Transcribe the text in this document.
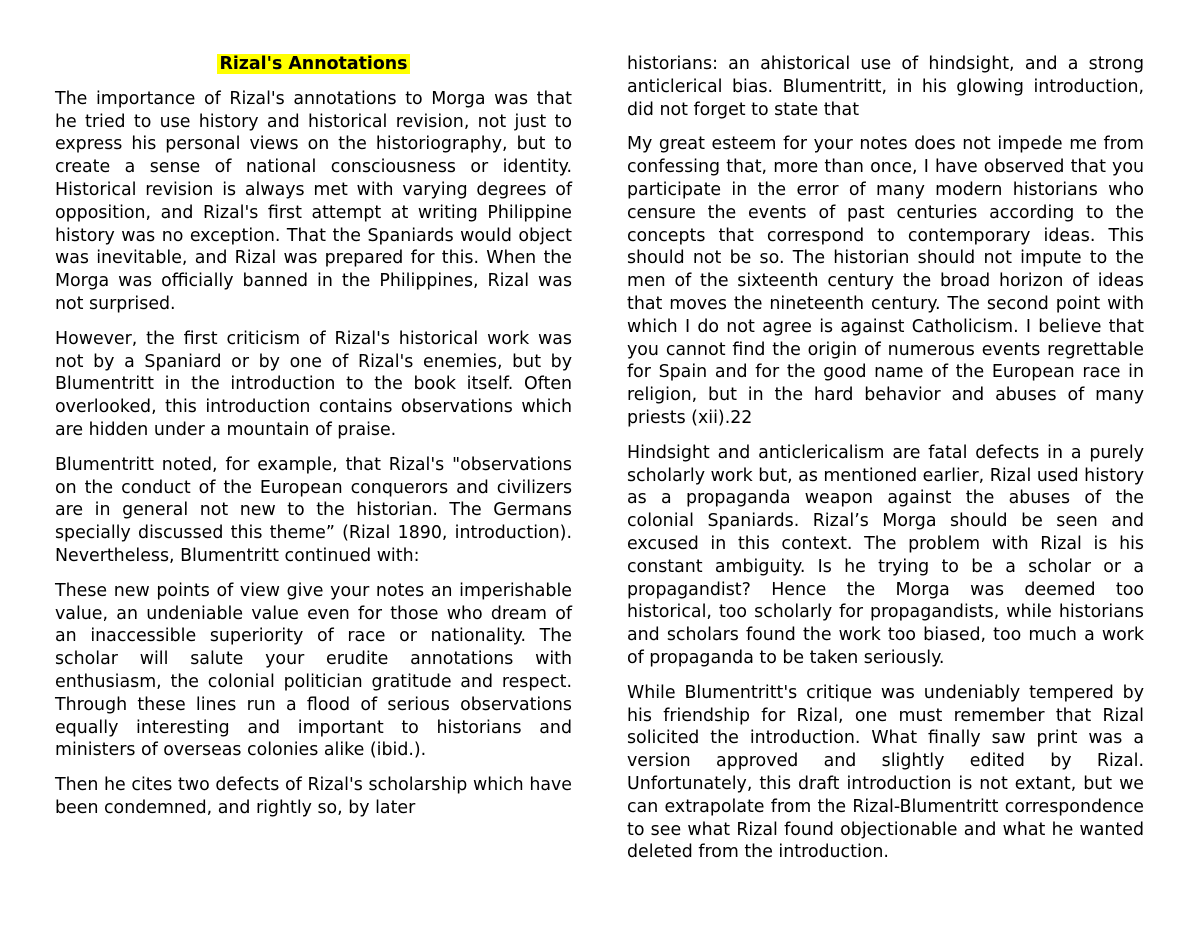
Rizal's Annotations

The importance of Rizal's annotations to Morga was that he tried to use history and historical revision, not just to express his personal views on the historiography, but to create a sense of national consciousness or identity. Historical revision is always met with varying degrees of opposition, and Rizal's first attempt at writing Philippine history was no exception. That the Spaniards would object was inevitable, and Rizal was prepared for this. When the Morga was officially banned in the Philippines, Rizal was not surprised.

However, the first criticism of Rizal's historical work was not by a Spaniard or by one of Rizal's enemies, but by Blumentritt in the introduction to the book itself. Often overlooked, this introduction contains observations which are hidden under a mountain of praise.

Blumentritt noted, for example, that Rizal's "observations on the conduct of the European conquerors and civilizers are in general not new to the historian. The Germans specially discussed this theme” (Rizal 1890, introduction). Nevertheless, Blumentritt continued with:

These new points of view give your notes an imperishable value, an undeniable value even for those who dream of an inaccessible superiority of race or nationality. The scholar will salute your erudite annotations with enthusiasm, the colonial politician gratitude and respect. Through these lines run a flood of serious observations equally interesting and important to historians and ministers of overseas colonies alike (ibid.).

Then he cites two defects of Rizal's scholarship which have been condemned, and rightly so, by later

historians: an ahistorical use of hindsight, and a strong anticlerical bias. Blumentritt, in his glowing introduction, did not forget to state that

My great esteem for your notes does not impede me from confessing that, more than once, I have observed that you participate in the error of many modern historians who censure the events of past centuries according to the concepts that correspond to contemporary ideas. This should not be so. The historian should not impute to the men of the sixteenth century the broad horizon of ideas that moves the nineteenth century. The second point with which I do not agree is against Catholicism. I believe that you cannot find the origin of numerous events regrettable for Spain and for the good name of the European race in religion, but in the hard behavior and abuses of many priests (xii).22

Hindsight and anticlericalism are fatal defects in a purely scholarly work but, as mentioned earlier, Rizal used history as a propaganda weapon against the abuses of the colonial Spaniards. Rizal’s Morga should be seen and excused in this context. The problem with Rizal is his constant ambiguity. Is he trying to be a scholar or a propagandist? Hence the Morga was deemed too historical, too scholarly for propagandists, while historians and scholars found the work too biased, too much a work of propaganda to be taken seriously.

While Blumentritt's critique was undeniably tempered by his friendship for Rizal, one must remember that Rizal solicited the introduction. What finally saw print was a version approved and slightly edited by Rizal. Unfortunately, this draft introduction is not extant, but we can extrapolate from the Rizal-Blumentritt correspondence to see what Rizal found objectionable and what he wanted deleted from the introduction.
